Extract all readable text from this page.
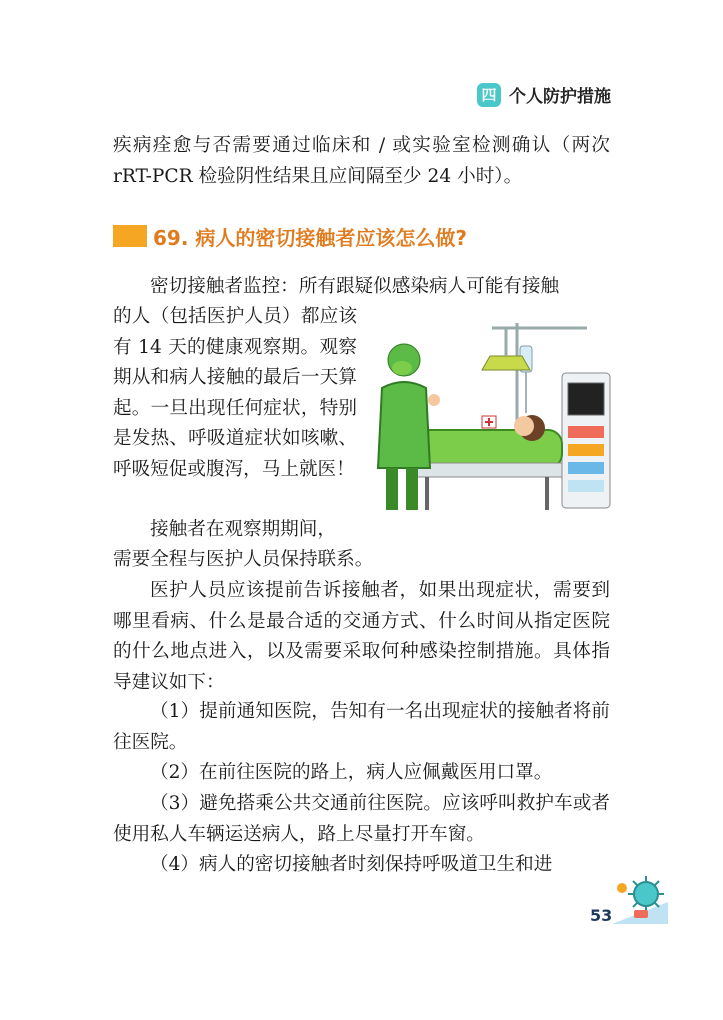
四 个人防护措施
疾病痊愈与否需要通过临床和 / 或实验室检测确认（两次 rRT-PCR 检验阴性结果且应间隔至少 24 小时）。
69. 病人的密切接触者应该怎么做?
密切接触者监控：所有跟疑似感染病人可能有接触
的人（包括医护人员）都应该有 14 天的健康观察期。观察期从和病人接触的最后一天算起。一旦出现任何症状，特别是发热、呼吸道症状如咳嗽、呼吸短促或腹泻，马上就医！
接触者在观察期期间，
需要全程与医护人员保持联系。
医护人员应该提前告诉接触者，如果出现症状，需要到哪里看病、什么是最合适的交通方式、什么时间从指定医院的什么地点进入，以及需要采取何种感染控制措施。具体指导建议如下：
（1）提前通知医院，告知有一名出现症状的接触者将前往医院。
（2）在前往医院的路上，病人应佩戴医用口罩。
（3）避免搭乘公共交通前往医院。应该呼叫救护车或者使用私人车辆运送病人，路上尽量打开车窗。
（4）病人的密切接触者时刻保持呼吸道卫生和进
53
